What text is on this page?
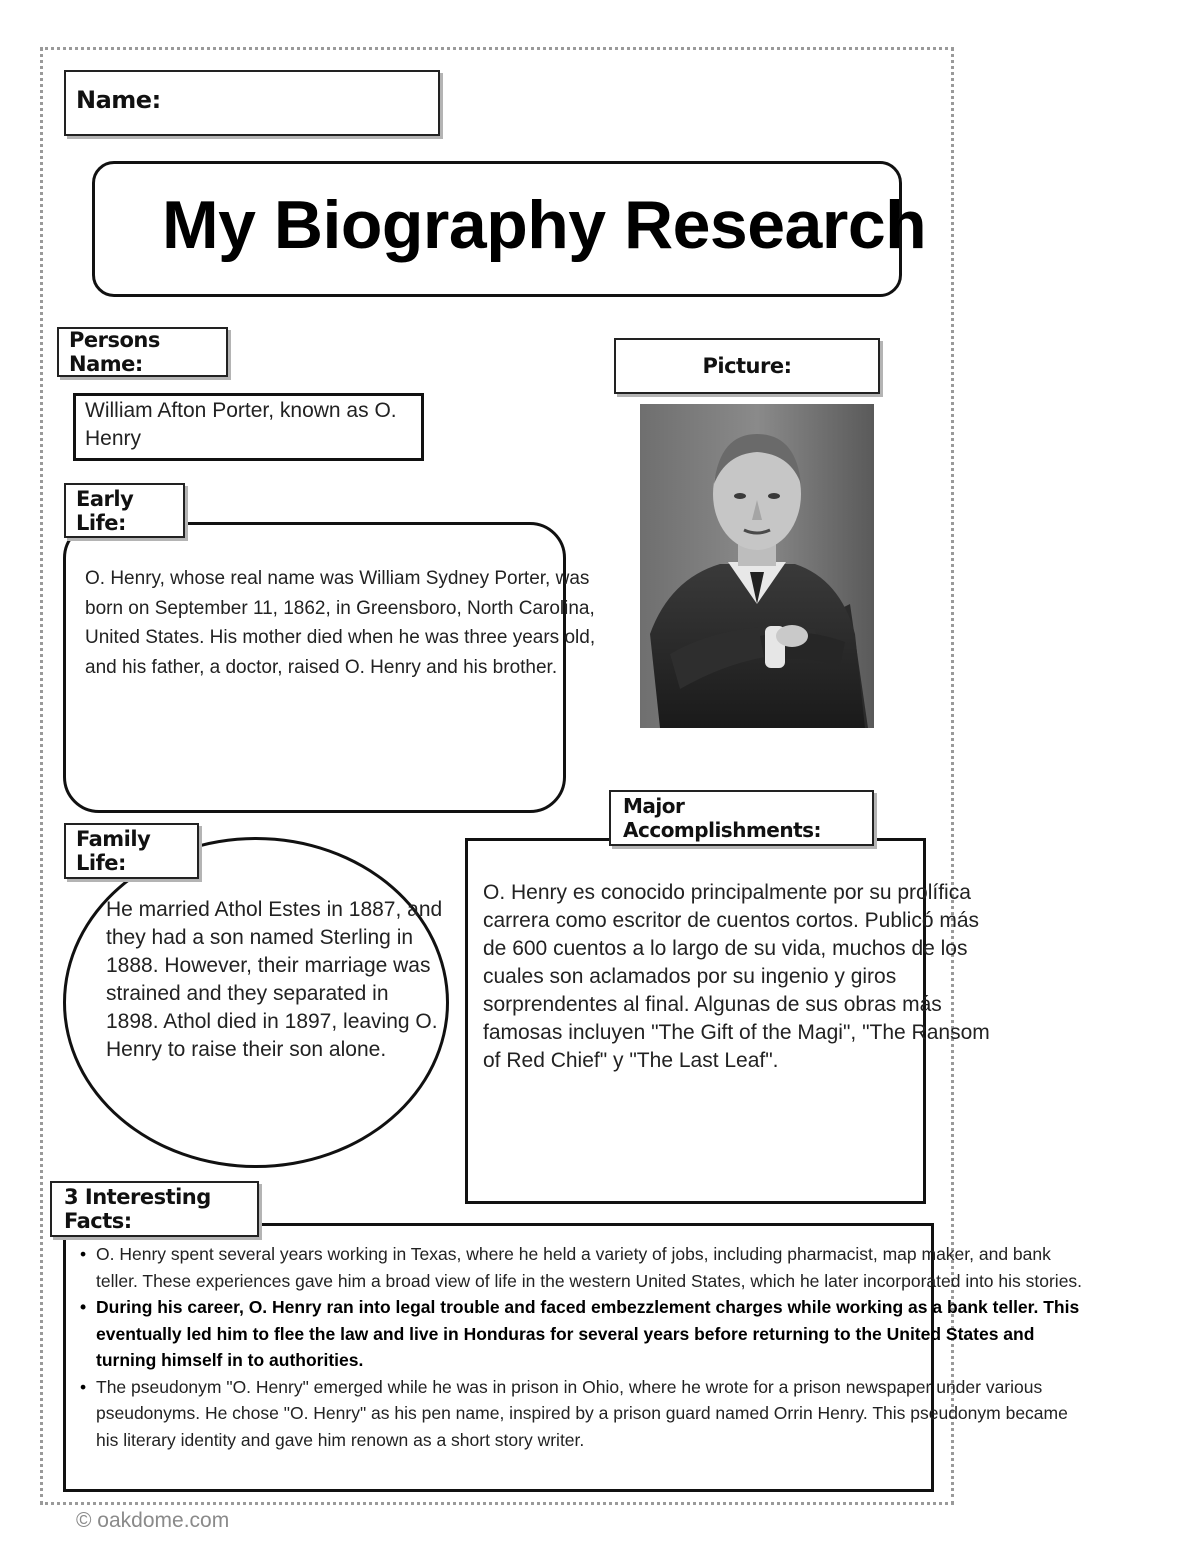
Name:
My Biography Research
Persons Name:
William Afton Porter, known as O. Henry
Picture:
Early Life:
O. Henry, whose real name was William Sydney Porter, was born on September 11, 1862, in Greensboro, North Carolina, United States. His mother died when he was three years old, and his father, a doctor, raised O. Henry and his brother.
Family Life:
He married Athol Estes in 1887, and they had a son named Sterling in 1888. However, their marriage was strained and they separated in 1898. Athol died in 1897, leaving O. Henry to raise their son alone.
Major Accomplishments:
O. Henry es conocido principalmente por su prolífica carrera como escritor de cuentos cortos. Publicó más de 600 cuentos a lo largo de su vida, muchos de los cuales son aclamados por su ingenio y giros sorprendentes al final. Algunas de sus obras más famosas incluyen "The Gift of the Magi", "The Ransom of Red Chief" y "The Last Leaf".
3 Interesting Facts:
• O. Henry spent several years working in Texas, where he held a variety of jobs, including pharmacist, map maker, and bank teller. These experiences gave him a broad view of life in the western United States, which he later incorporated into his stories.
• During his career, O. Henry ran into legal trouble and faced embezzlement charges while working as a bank teller. This eventually led him to flee the law and live in Honduras for several years before returning to the United States and turning himself in to authorities.
• The pseudonym "O. Henry" emerged while he was in prison in Ohio, where he wrote for a prison newspaper under various pseudonyms. He chose "O. Henry" as his pen name, inspired by a prison guard named Orrin Henry. This pseudonym became his literary identity and gave him renown as a short story writer.
© oakdome.com
